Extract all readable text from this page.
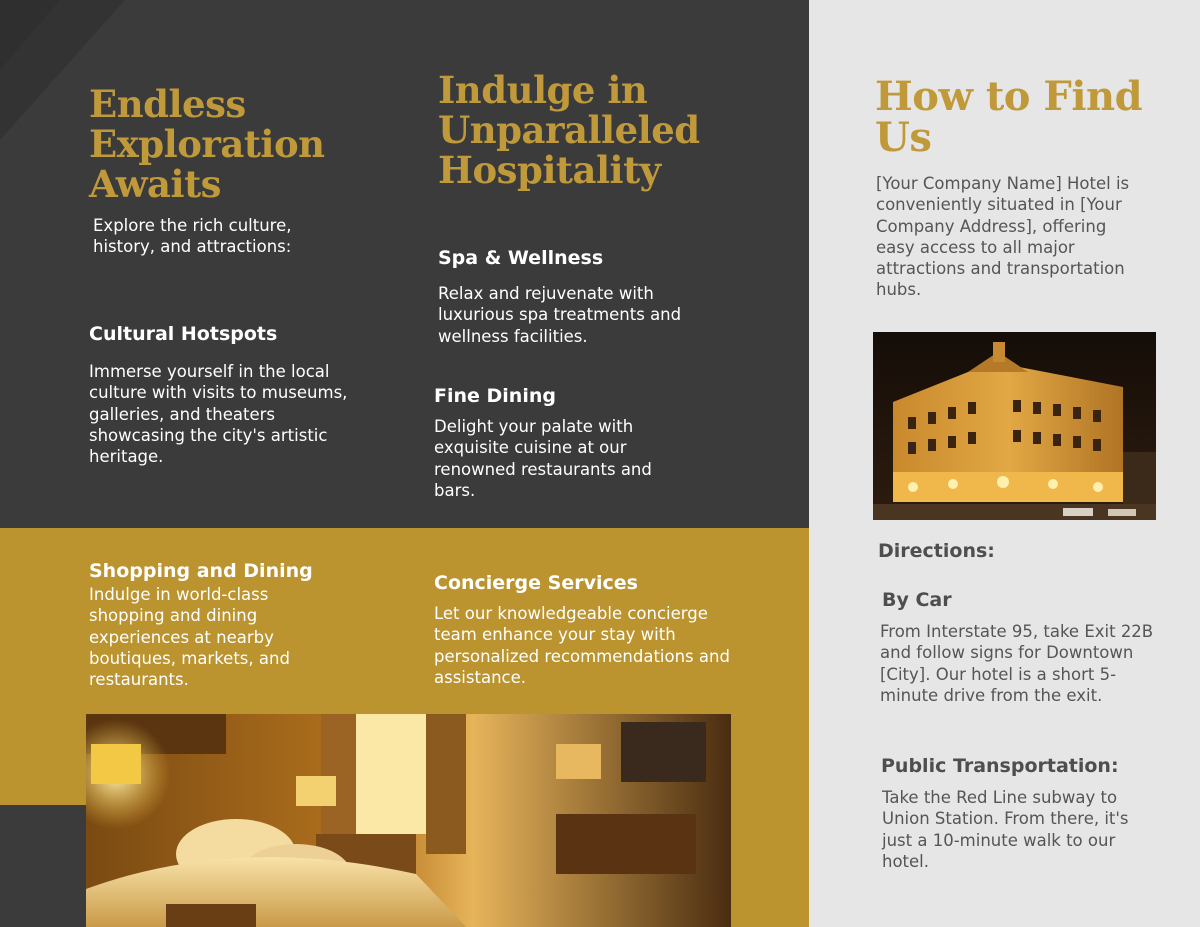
Endless Exploration Awaits

Explore the rich culture, history, and attractions:

Cultural Hotspots

Immerse yourself in the local culture with visits to museums, galleries, and theaters showcasing the city's artistic heritage.

Shopping and Dining

Indulge in world-class shopping and dining experiences at nearby boutiques, markets, and restaurants.

Indulge in Unparalleled Hospitality
Spa & Wellness

Relax and rejuvenate with luxurious spa treatments and wellness facilities.

Fine Dining

Delight your palate with exquisite cuisine at our renowned restaurants and bars.

Concierge Services

Let our knowledgeable concierge team enhance your stay with personalized recommendations and assistance.

How to Find Us

[Your Company Name] Hotel is conveniently situated in [Your Company Address], offering easy access to all major attractions and transportation hubs.

Directions:
By Car

From Interstate 95, take Exit 22B and follow signs for Downtown [City]. Our hotel is a short 5-minute drive from the exit.

Public Transportation:

Take the Red Line subway to Union Station. From there, it's just a 10-minute walk to our hotel.
